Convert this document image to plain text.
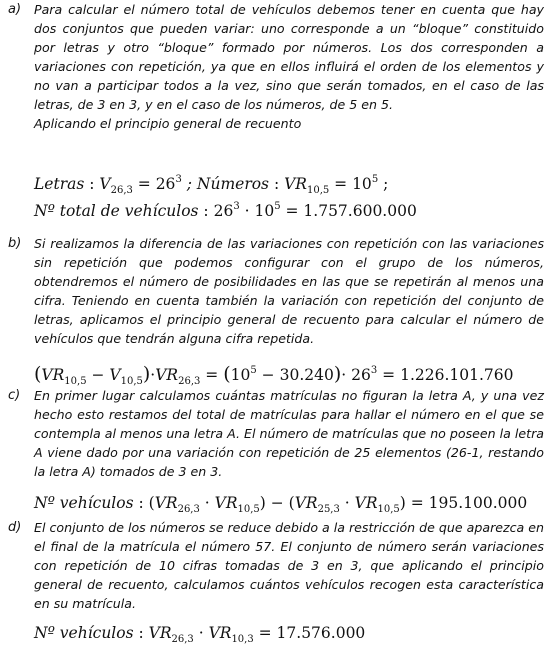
a) Para calcular el número total de vehículos debemos tener en cuenta que hay dos conjuntos que pueden variar: uno corresponde a un “bloque” constituido por letras y otro “bloque” formado por números. Los dos corresponden a variaciones con repetición, ya que en ellos influirá el orden de los elementos y no van a participar todos a la vez, sino que serán tomados, en el caso de las letras, de 3 en 3, y en el caso de los números, de 5 en 5.

Aplicando el principio general de recuento

Letras : $V_{26,3} = 26^3$ ; Números : $VR_{10,5} = 10^5$ ;
Nº total de vehículos : $26^3 \cdot 10^5 = 1.757.600.000$
b) Si realizamos la diferencia de las variaciones con repetición con las variaciones sin repetición que podemos configurar con el grupo de los números, obtendremos el número de posibilidades en las que se repetirán al menos una cifra. Teniendo en cuenta también la variación con repetición del conjunto de letras, aplicamos el principio general de recuento para calcular el número de vehículos que tendrán alguna cifra repetida.
$(VR_{10,5} - V_{10,5})\cdot VR_{26,3} = (10^5 - 30.240)\cdot 26^3 = 1.226.101.760$
c) En primer lugar calculamos cuántas matrículas no figuran la letra A, y una vez hecho esto restamos del total de matrículas para hallar el número en el que se contempla al menos una letra A. El número de matrículas que no poseen la letra A viene dado por una variación con repetición de 25 elementos (26-1, restando la letra A) tomados de 3 en 3.
Nº vehículos : $(VR_{26,3} \cdot VR_{10,5}) - (VR_{25,3} \cdot VR_{10,5}) = 195.100.000$
d) El conjunto de los números se reduce debido a la restricción de que aparezca en el final de la matrícula el número 57. El conjunto de número serán variaciones con repetición de 10 cifras tomadas de 3 en 3, que aplicando el principio general de recuento, calculamos cuántos vehículos recogen esta característica en su matrícula.
Nº vehículos : $VR_{26,3} \cdot VR_{10,3} = 17.576.000$
